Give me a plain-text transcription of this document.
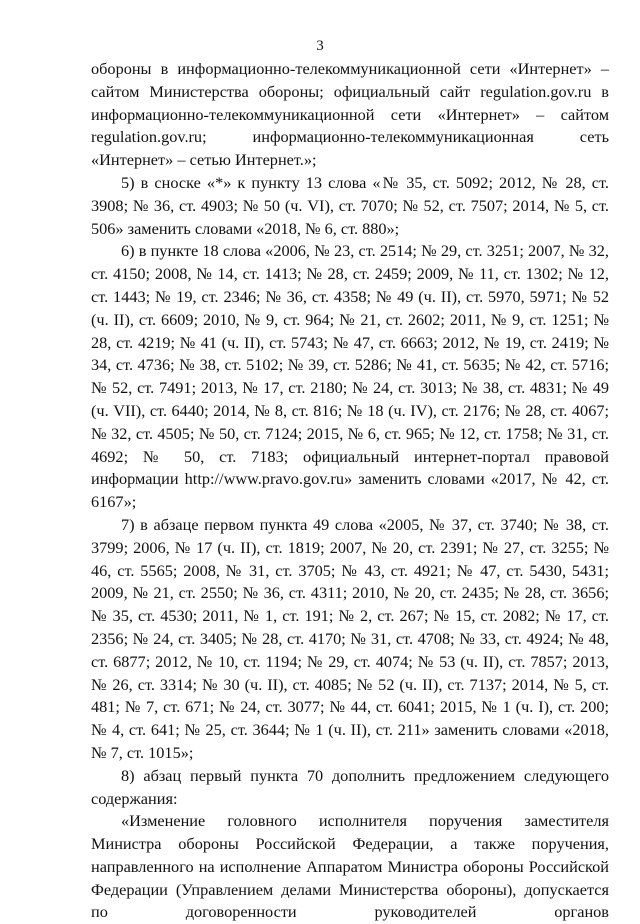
3

обороны в информационно-телекоммуникационной сети «Интернет» – сайтом Министерства обороны; официальный сайт regulation.gov.ru в информационно-телекоммуникационной сети «Интернет» – сайтом regulation.gov.ru; информационно-телекоммуникационная сеть «Интернет» – сетью Интернет.»;

5) в сноске «*» к пункту 13 слова «№ 35, ст. 5092; 2012, № 28, ст. 3908; № 36, ст. 4903; № 50 (ч. VI), ст. 7070; № 52, ст. 7507; 2014, № 5, ст. 506» заменить словами «2018, № 6, ст. 880»;

6) в пункте 18 слова «2006, № 23, ст. 2514; № 29, ст. 3251; 2007, № 32, ст. 4150; 2008, № 14, ст. 1413; № 28, ст. 2459; 2009, № 11, ст. 1302; № 12, ст. 1443; № 19, ст. 2346; № 36, ст. 4358; № 49 (ч. II), ст. 5970, 5971; № 52 (ч. II), ст. 6609; 2010, № 9, ст. 964; № 21, ст. 2602; 2011, № 9, ст. 1251; № 28, ст. 4219; № 41 (ч. II), ст. 5743; № 47, ст. 6663; 2012, № 19, ст. 2419; № 34, ст. 4736; № 38, ст. 5102; № 39, ст. 5286; № 41, ст. 5635; № 42, ст. 5716; № 52, ст. 7491; 2013, № 17, ст. 2180; № 24, ст. 3013; № 38, ст. 4831; № 49 (ч. VII), ст. 6440; 2014, № 8, ст. 816; № 18 (ч. IV), ст. 2176; № 28, ст. 4067; № 32, ст. 4505; № 50, ст. 7124; 2015, № 6, ст. 965; № 12, ст. 1758; № 31, ст. 4692; № 50, ст. 7183; официальный интернет-портал правовой информации http://www.pravo.gov.ru» заменить словами «2017, № 42, ст. 6167»;

7) в абзаце первом пункта 49 слова «2005, № 37, ст. 3740; № 38, ст. 3799; 2006, № 17 (ч. II), ст. 1819; 2007, № 20, ст. 2391; № 27, ст. 3255; № 46, ст. 5565; 2008, № 31, ст. 3705; № 43, ст. 4921; № 47, ст. 5430, 5431; 2009, № 21, ст. 2550; № 36, ст. 4311; 2010, № 20, ст. 2435; № 28, ст. 3656; № 35, ст. 4530; 2011, № 1, ст. 191; № 2, ст. 267; № 15, ст. 2082; № 17, ст. 2356; № 24, ст. 3405; № 28, ст. 4170; № 31, ст. 4708; № 33, ст. 4924; № 48, ст. 6877; 2012, № 10, ст. 1194; № 29, ст. 4074; № 53 (ч. II), ст. 7857; 2013, № 26, ст. 3314; № 30 (ч. II), ст. 4085; № 52 (ч. II), ст. 7137; 2014, № 5, ст. 481; № 7, ст. 671; № 24, ст. 3077; № 44, ст. 6041; 2015, № 1 (ч. I), ст. 200; № 4, ст. 641; № 25, ст. 3644; № 1 (ч. II), ст. 211» заменить словами «2018, № 7, ст. 1015»;

8) абзац первый пункта 70 дополнить предложением следующего содержания:

«Изменение головного исполнителя поручения заместителя Министра обороны Российской Федерации, а также поручения, направленного на исполнение Аппаратом Министра обороны Российской Федерации (Управлением делами Министерства обороны), допускается по договоренности руководителей органов
